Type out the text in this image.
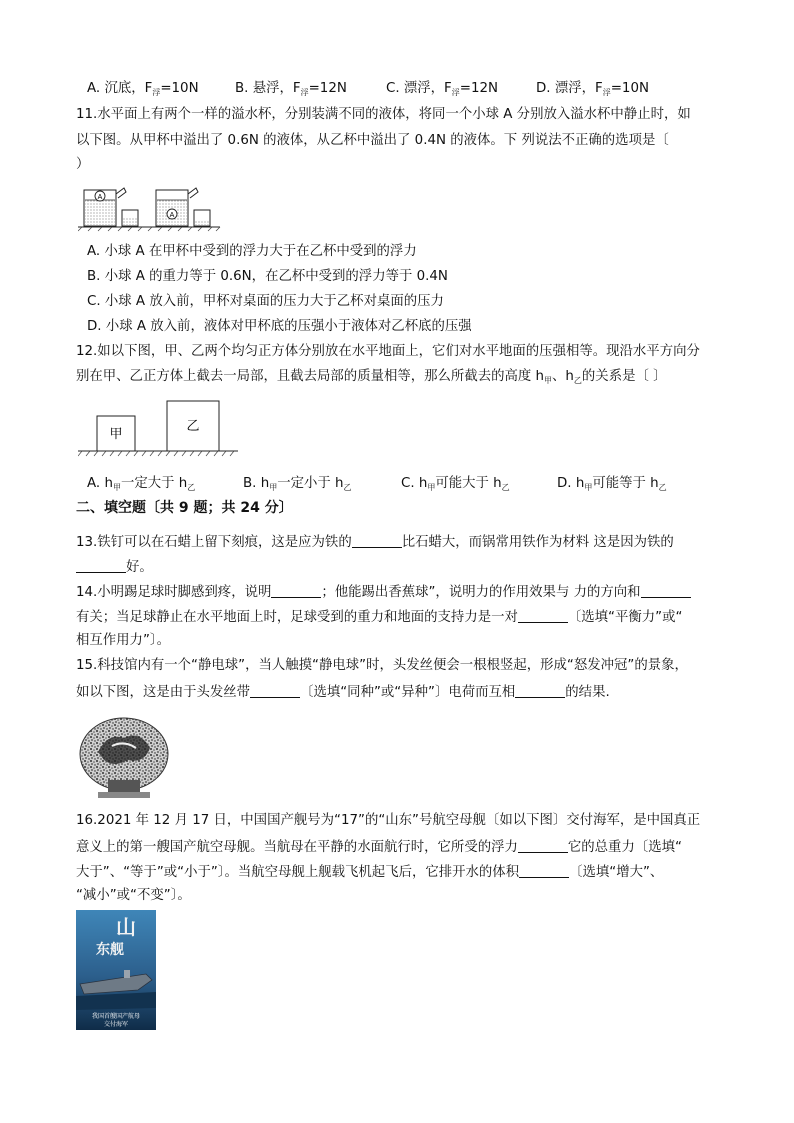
A. 沉底，$F_浮=10N$	B. 悬浮，$F_浮=12N$	C. 漂浮，$F_浮=12N$	D. 漂浮，$F_浮=10N$
11.水平面上有两个一样的溢水杯，分别装满不同的液体，将同一个小球 A 分别放入溢水杯中静止时，如
以下图。从甲杯中溢出了 0.6N 的液体，从乙杯中溢出了 0.4N 的液体。下 列说法不正确的选项是〔
）
A
A
A. 小球 A 在甲杯中受到的浮力大于在乙杯中受到的浮力
B. 小球 A 的重力等于 0.6N，在乙杯中受到的浮力等于 0.4N
C. 小球 A 放入前，甲杯对桌面的压力大于乙杯对桌面的压力
D. 小球 A 放入前，液体对甲杯底的压强小于液体对乙杯底的压强
12.如以下图，甲、乙两个均匀正方体分别放在水平地面上，它们对水平地面的压强相等。现沿水平方向分
别在甲、乙正方体上截去一局部，且截去局部的质量相等，那么所截去的高度 $h_甲$、$h_乙$的关系是〔 〕
甲
乙
A. $h_甲$一定大于 $h_乙$	B. $h_甲$一定小于 $h_乙$	C. $h_甲$可能大于 $h_乙$	D. $h_甲$可能等于 $h_乙$
二、填空题〔共 9 题；共 24 分〕
13.铁钉可以在石蜡上留下刻痕，这是应为铁的	比石蜡大，而锅常用铁作为材料 这是因为铁的
好。
14.小明踢足球时脚感到疼，说明	；他能踢出香蕉球”，说明力的作用效果与 力的方向和
有关；当足球静止在水平地面上时，足球受到的重力和地面的支持力是一对	〔选填“平衡力”或“
相互作用力”〕。
15.科技馆内有一个“静电球”，当人触摸“静电球”时，头发丝便会一根根竖起，形成“怒发冲冠”的景象，
如以下图，这是由于头发丝带	〔选填“同种”或“异种”〕电荷而互相	的结果.
16.2021 年 12 月 17 日，中国国产舰号为“17”的“山东”号航空母舰〔如以下图〕交付海军，是中国真正
意义上的第一艘国产航空母舰。当航母在平静的水面航行时，它所受的浮力	它的总重力〔选填“
大于”、“等于”或“小于”〕。当航空母舰上舰载飞机起飞后，它排开水的体积	〔选填“增大”、
“减小”或“不变”〕。
山
东舰
我国首艘国产航母
交付海军
